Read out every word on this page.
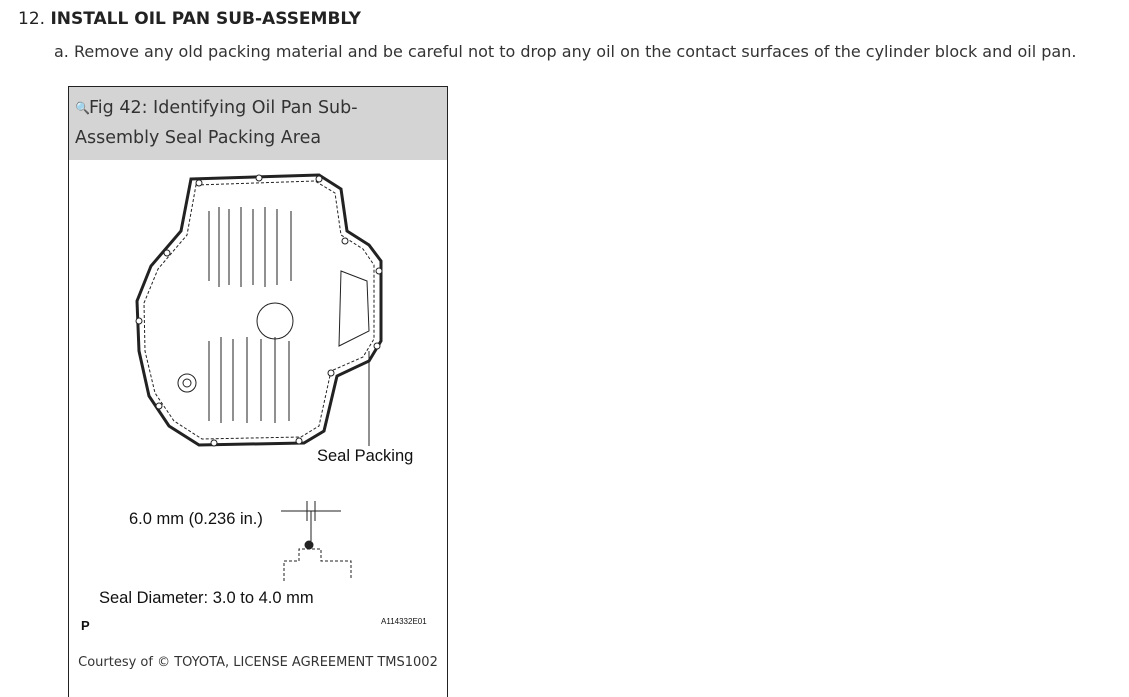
12. INSTALL OIL PAN SUB-ASSEMBLY
a. Remove any old packing material and be careful not to drop any oil on the contact surfaces of the cylinder block and oil pan.
🔍Fig 42: Identifying Oil Pan Sub-Assembly Seal Packing Area
Seal Packing
6.0 mm (0.236 in.)
Seal Diameter: 3.0 to 4.0 mm
P	A114332E01
Courtesy of © TOYOTA, LICENSE AGREEMENT TMS1002
